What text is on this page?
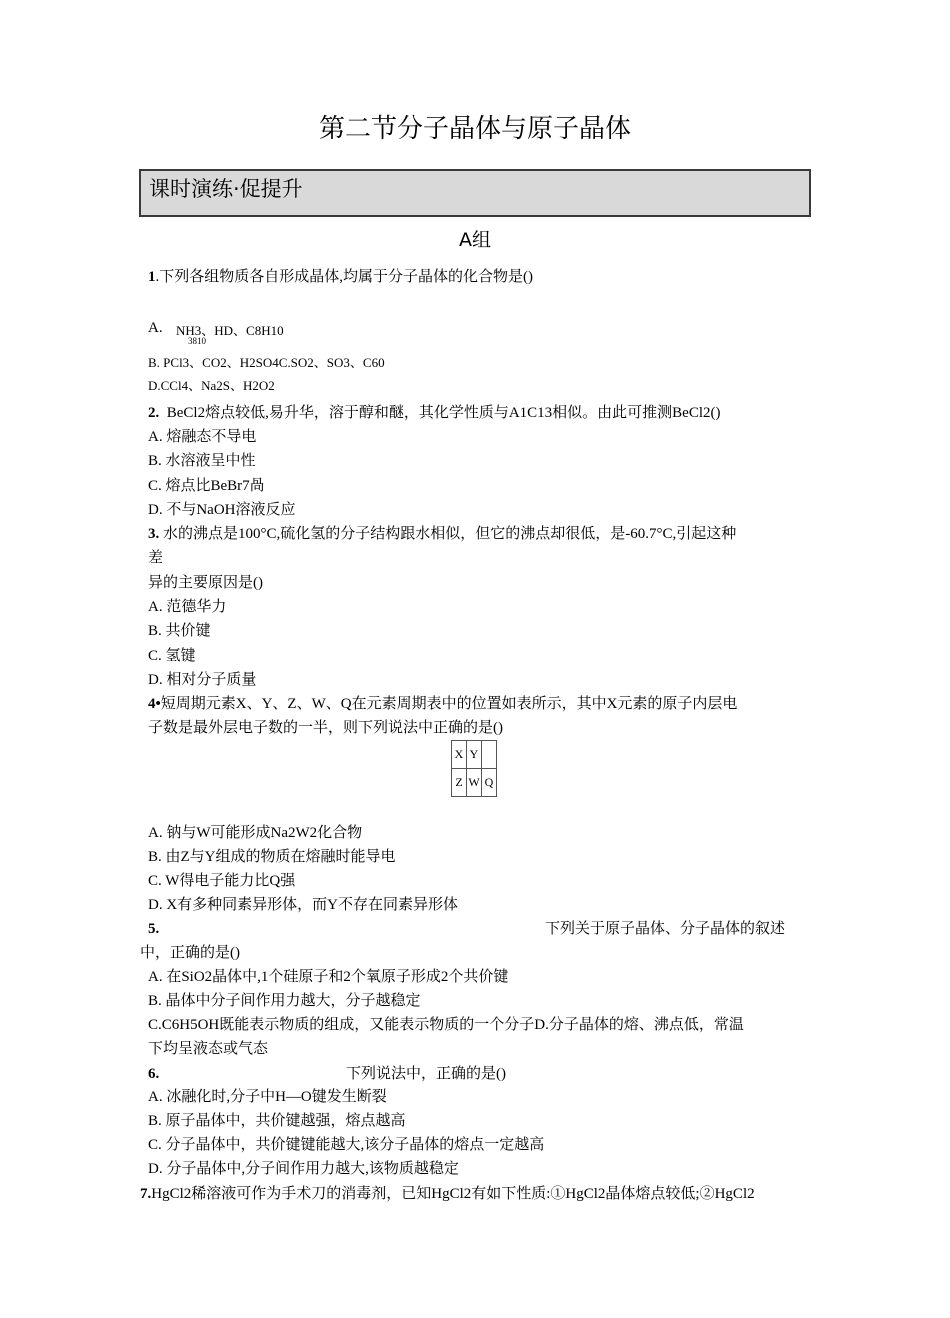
第二节分子晶体与原子晶体
课时演练·促提升
A组
1.下列各组物质各自形成晶体,均属于分子晶体的化合物是()
A. NH3、HD、C8H10
3810
B. PCl3、CO2、H2SO4C.SO2、SO3、C60
D.CCl4、Na2S、H2O2
2. BeCl2熔点较低,易升华，溶于醇和醚，其化学性质与A1C13相似。由此可推测BeCl2()
A. 熔融态不导电
B. 水溶液呈中性
C. 熔点比BeBr7咼
D. 不与NaOH溶液反应
3. 水的沸点是100°C,硫化氢的分子结构跟水相似，但它的沸点却很低，是-60.7°C,引起这种
差
异的主要原因是()
A. 范德华力
B. 共价键
C. 氢键
D. 相对分子质量
4•短周期元素X、Y、Z、W、Q在元素周期表中的位置如表所示，其中X元素的原子内层电
子数是最外层电子数的一半，则下列说法中正确的是()
X	Y	
Z	W	Q
A. 钠与W可能形成Na2W2化合物
B. 由Z与Y组成的物质在熔融时能导电
C. W得电子能力比Q强
D. X有多种同素异形体，而Y不存在同素异形体
5.	下列关于原子晶体、分子晶体的叙述
中，正确的是()
A. 在SiO2晶体中,1个硅原子和2个氧原子形成2个共价键
B. 晶体中分子间作用力越大，分子越稳定
C.C6H5OH既能表示物质的组成，又能表示物质的一个分子D.分子晶体的熔、沸点低，常温
下均呈液态或气态
6.	下列说法中，正确的是()
A. 冰融化时,分子中H—O键发生断裂
B. 原子晶体中，共价键越强，熔点越高
C. 分子晶体中，共价键键能越大,该分子晶体的熔点一定越高
D. 分子晶体中,分子间作用力越大,该物质越稳定
7.HgCl2稀溶液可作为手术刀的消毒剂，已知HgCl2有如下性质:①HgCl2晶体熔点较低;②HgCl2
